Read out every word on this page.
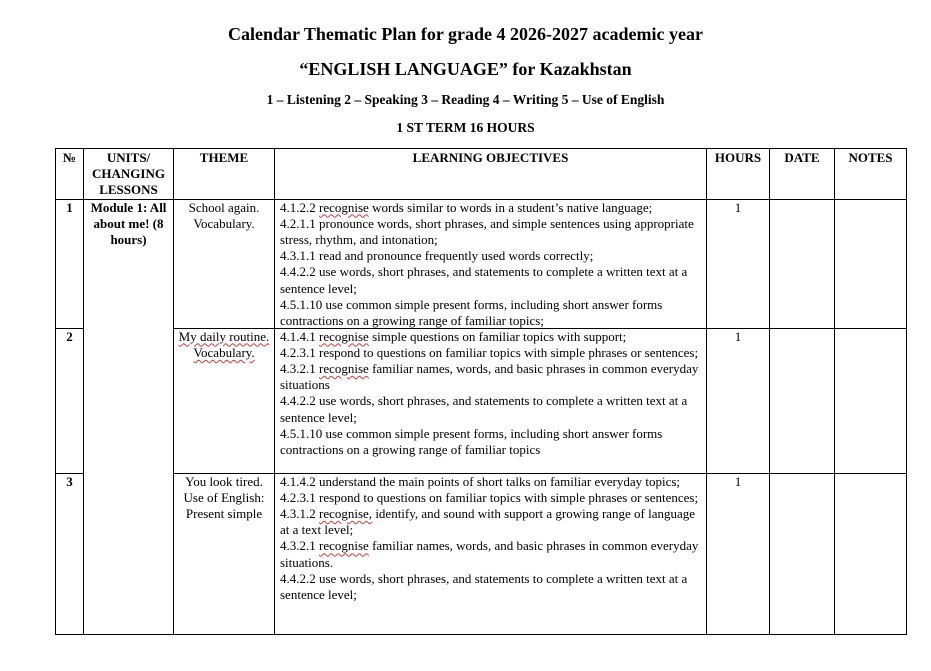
Calendar Thematic Plan for grade 4 2026-2027 academic year
“ENGLISH LANGUAGE” for Kazakhstan
1 – Listening 2 – Speaking 3 – Reading 4 – Writing 5 – Use of English
1 ST TERM 16 HOURS
№	UNITS/ CHANGING LESSONS	THEME	LEARNING OBJECTIVES	HOURS	DATE	NOTES
1	Module 1: All about me! (8 hours)	School again. Vocabulary.	4.1.2.2 recognise words similar to words in a student’s native language;
4.2.1.1 pronounce words, short phrases, and simple sentences using appropriate stress, rhythm, and intonation;
4.3.1.1 read and pronounce frequently used words correctly;
4.4.2.2 use words, short phrases, and statements to complete a written text at a sentence level;
4.5.1.10 use common simple present forms, including short answer forms contractions on a growing range of familiar topics;	1		
2		My daily routine. Vocabulary.	4.1.4.1 recognise simple questions on familiar topics with support;
4.2.3.1 respond to questions on familiar topics with simple phrases or sentences;
4.3.2.1 recognise familiar names, words, and basic phrases in common everyday situations
4.4.2.2 use words, short phrases, and statements to complete a written text at a sentence level;
4.5.1.10 use common simple present forms, including short answer forms contractions on a growing range of familiar topics	1		
3		You look tired. Use of English: Present simple	4.1.4.2 understand the main points of short talks on familiar everyday topics;
4.2.3.1 respond to questions on familiar topics with simple phrases or sentences;
4.3.1.2 recognise, identify, and sound with support a growing range of language at a text level;
4.3.2.1 recognise familiar names, words, and basic phrases in common everyday situations.
4.4.2.2 use words, short phrases, and statements to complete a written text at a sentence level;	1		
